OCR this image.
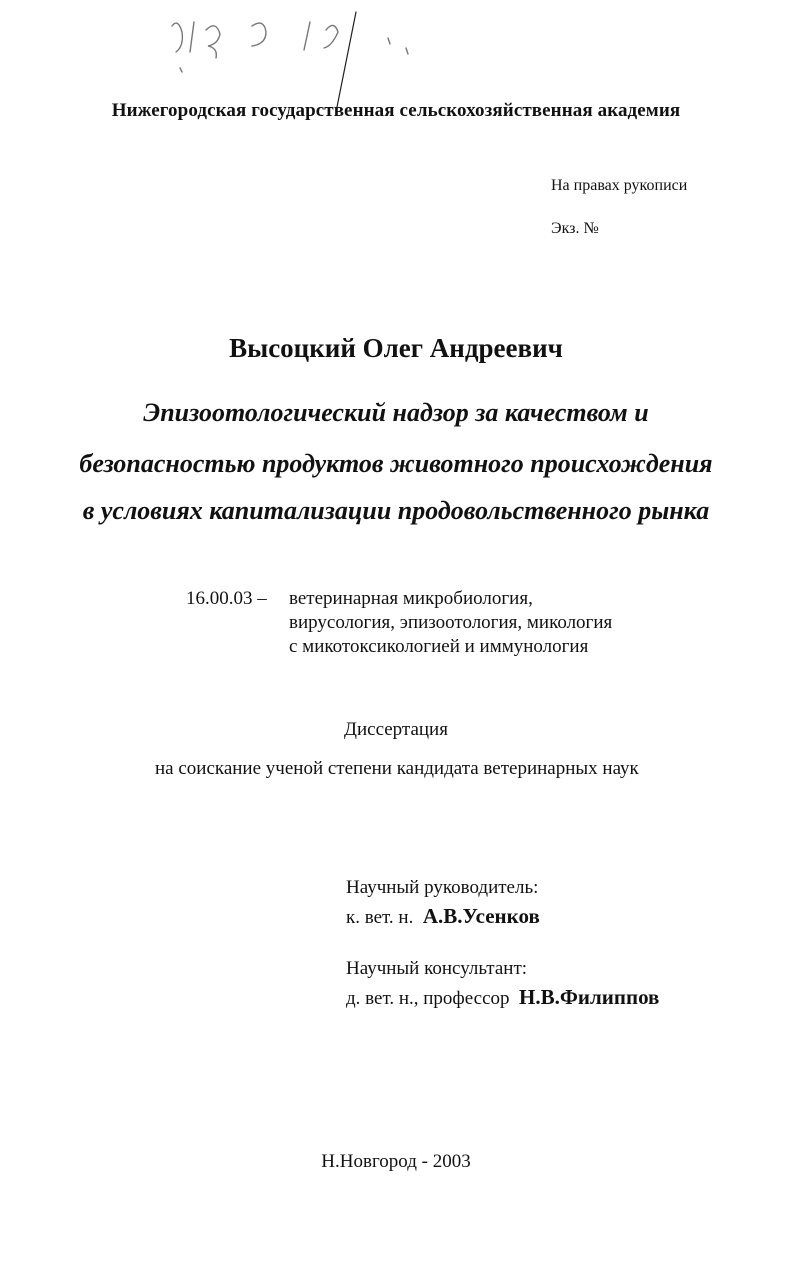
Нижегородская государственная сельскохозяйственная академия
На правах рукописи
Экз. №
Высоцкий Олег Андреевич
Эпизоотологический надзор за качеством и
безопасностью продуктов животного происхождения
в условиях капитализации продовольственного рынка
16.00.03 – ветеринарная микробиология,
вирусология, эпизоотология, микология
с микотоксикологией и иммунология
Диссертация
на соискание ученой степени кандидата ветеринарных наук
Научный руководитель:
к. вет. н. А.В.Усенков
Научный консультант:
д. вет. н., профессор Н.В.Филиппов
Н.Новгород - 2003
